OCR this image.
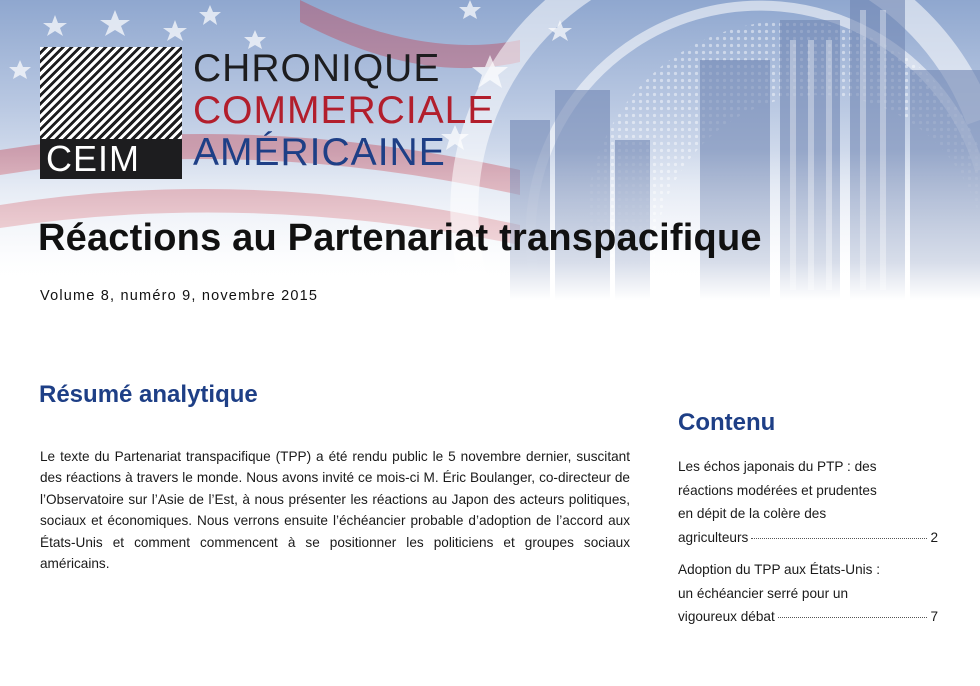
CEIM
CHRONIQUE
COMMERCIALE
AMÉRICAINE
Réactions au Partenariat transpacifique
Volume 8, numéro 9, novembre 2015
Résumé analytique

Le texte du Partenariat transpacifique (TPP) a été rendu public le 5 novembre dernier, suscitant des réactions à travers le monde. Nous avons invité ce mois-ci M. Éric Boulanger, co-directeur de l’Observatoire sur l’Asie de l’Est, à nous présenter les réactions au Japon des acteurs politiques, sociaux et économiques. Nous verrons ensuite l’échéancier probable d’adoption de l’accord aux États-Unis et comment commencent à se positionner les politiciens et groupes sociaux américains.

Contenu
Les échos japonais du PTP : des
réactions modérées et prudentes
en dépit de la colère des
agriculteurs	2
Adoption du TPP aux États-Unis :
un échéancier serré pour un
vigoureux débat	7
